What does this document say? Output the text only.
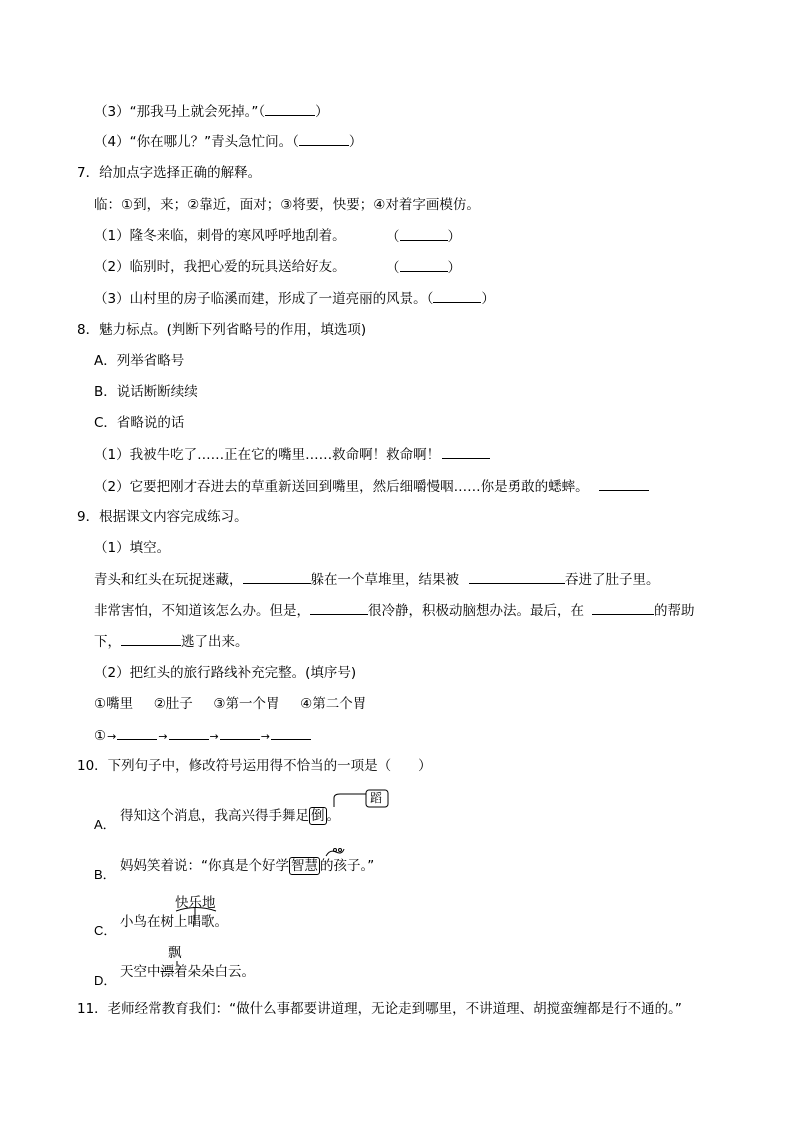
（3）“那我马上就会死掉。”（	）
（4）“你在哪儿？”青头急忙问。（	）
7．给加点字选择正确的解释。
临：①到，来；②靠近，面对；③将要，快要；④对着字画模仿。
（1）隆冬来临，刺骨的寒风呼呼地刮着。	（	）
（2）临别时，我把心爱的玩具送给好友。	（	）
（3）山村里的房子临溪而建，形成了一道亮丽的风景。（	）
8．魅力标点。(判断下列省略号的作用，填选项)
A．列举省略号
B．说话断断续续
C．省略说的话
（1）我被牛吃了……正在它的嘴里……救命啊！救命啊！
（2）它要把刚才吞进去的草重新送回到嘴里，然后细嚼慢咽……你是勇敢的蟋蟀。
9．根据课文内容完成练习。
（1）填空。
青头和红头在玩捉迷藏，	躲在一个草堆里，结果被	吞进了肚子里。
非常害怕，不知道该怎么办。但是，	很冷静，积极动脑想办法。最后，在	的帮助
下，	逃了出来。
（2）把红头的旅行路线补充完整。(填序号)
①嘴里 ②肚子 ③第一个胃 ④第二个胃
①→	→	→	→
10．下列句子中，修改符号运用得不恰当的一项是（　　）
A．
得知这个消息，我高兴得手舞足 倒 。
蹈
B．
妈妈笑着说：“你真是个好学 智慧 的孩子。”
C．
快乐地
小鸟在树上唱歌。
D．
飘
天空中漂着朵朵白云。
11．老师经常教育我们：“做什么事都要讲道理，无论走到哪里，不讲道理、胡搅蛮缠都是行不通的。”
